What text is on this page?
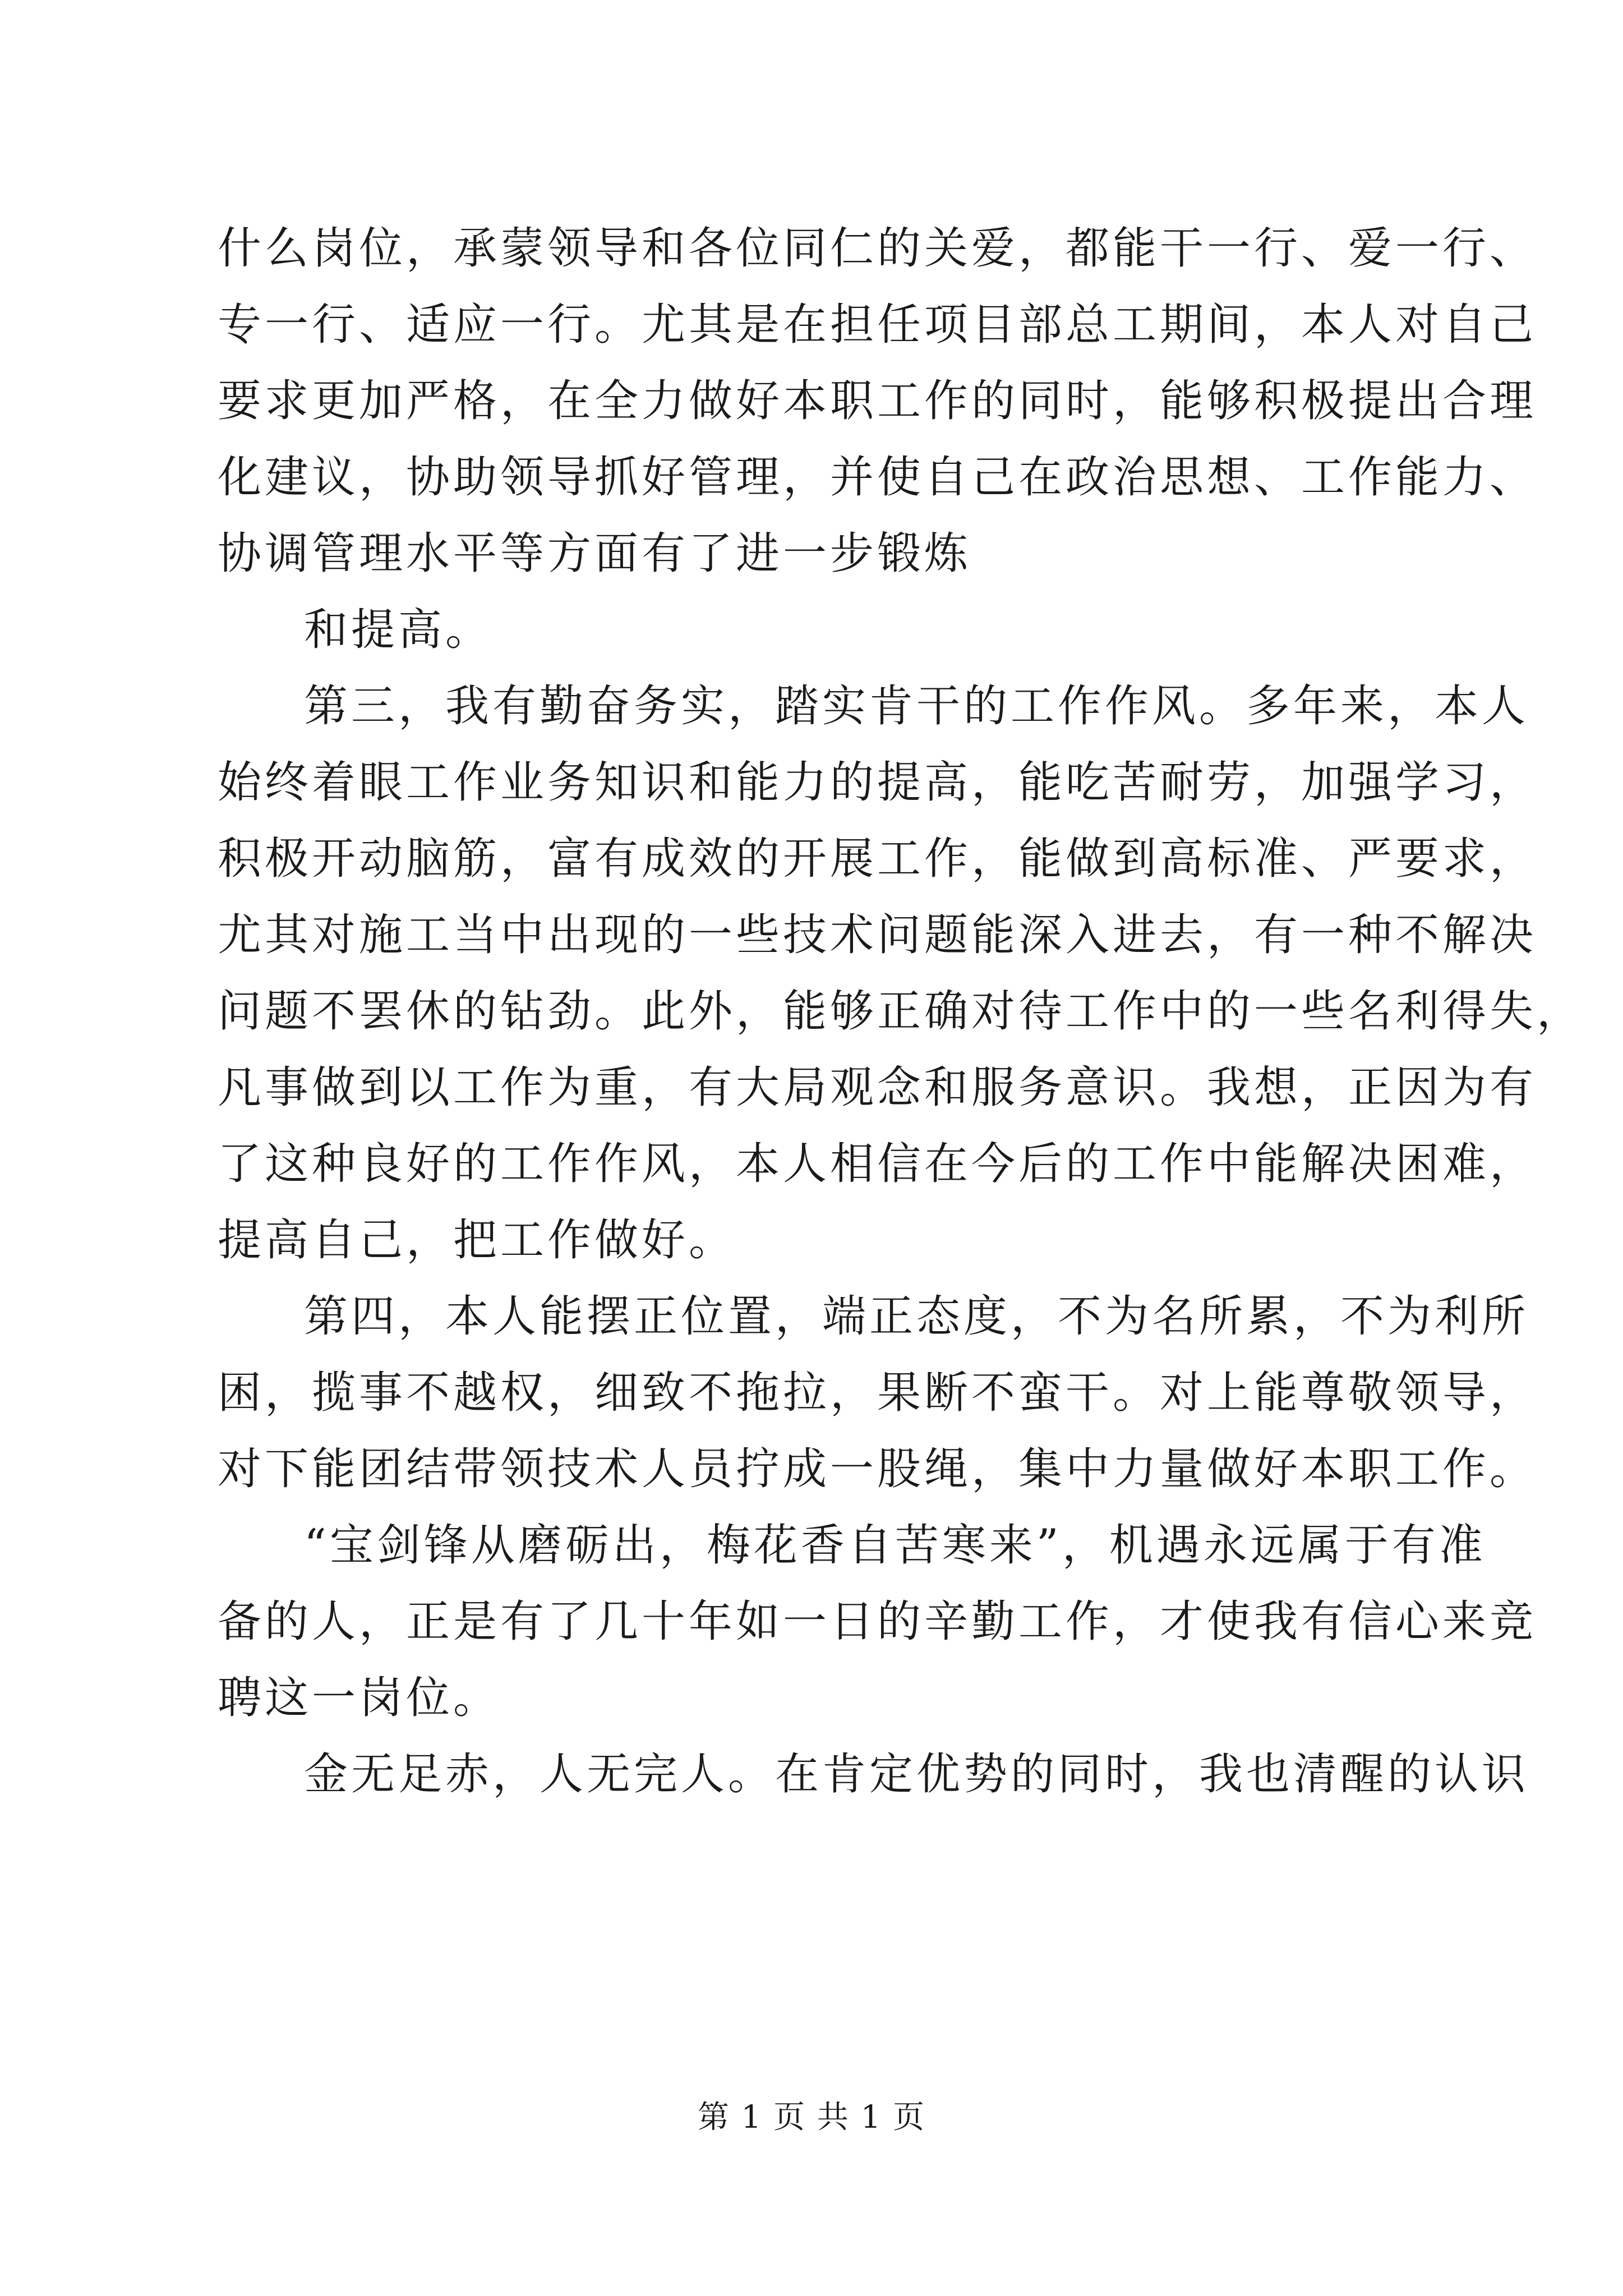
什么岗位，承蒙领导和各位同仁的关爱，都能干一行、爱一行、
专一行、适应一行。尤其是在担任项目部总工期间，本人对自己
要求更加严格，在全力做好本职工作的同时，能够积极提出合理
化建议，协助领导抓好管理，并使自己在政治思想、工作能力、
协调管理水平等方面有了进一步锻炼
和提高。
第三，我有勤奋务实，踏实肯干的工作作风。多年来，本人
始终着眼工作业务知识和能力的提高，能吃苦耐劳，加强学习，
积极开动脑筋，富有成效的开展工作，能做到高标准、严要求，
尤其对施工当中出现的一些技术问题能深入进去，有一种不解决
问题不罢休的钻劲。此外，能够正确对待工作中的一些名利得失，
凡事做到以工作为重，有大局观念和服务意识。我想，正因为有
了这种良好的工作作风，本人相信在今后的工作中能解决困难，
提高自己，把工作做好。
第四，本人能摆正位置，端正态度，不为名所累，不为利所
困，揽事不越权，细致不拖拉，果断不蛮干。对上能尊敬领导，
对下能团结带领技术人员拧成一股绳，集中力量做好本职工作。
“宝剑锋从磨砺出，梅花香自苦寒来”，机遇永远属于有准
备的人，正是有了几十年如一日的辛勤工作，才使我有信心来竞
聘这一岗位。
金无足赤，人无完人。在肯定优势的同时，我也清醒的认识
第 1 页 共 1 页
